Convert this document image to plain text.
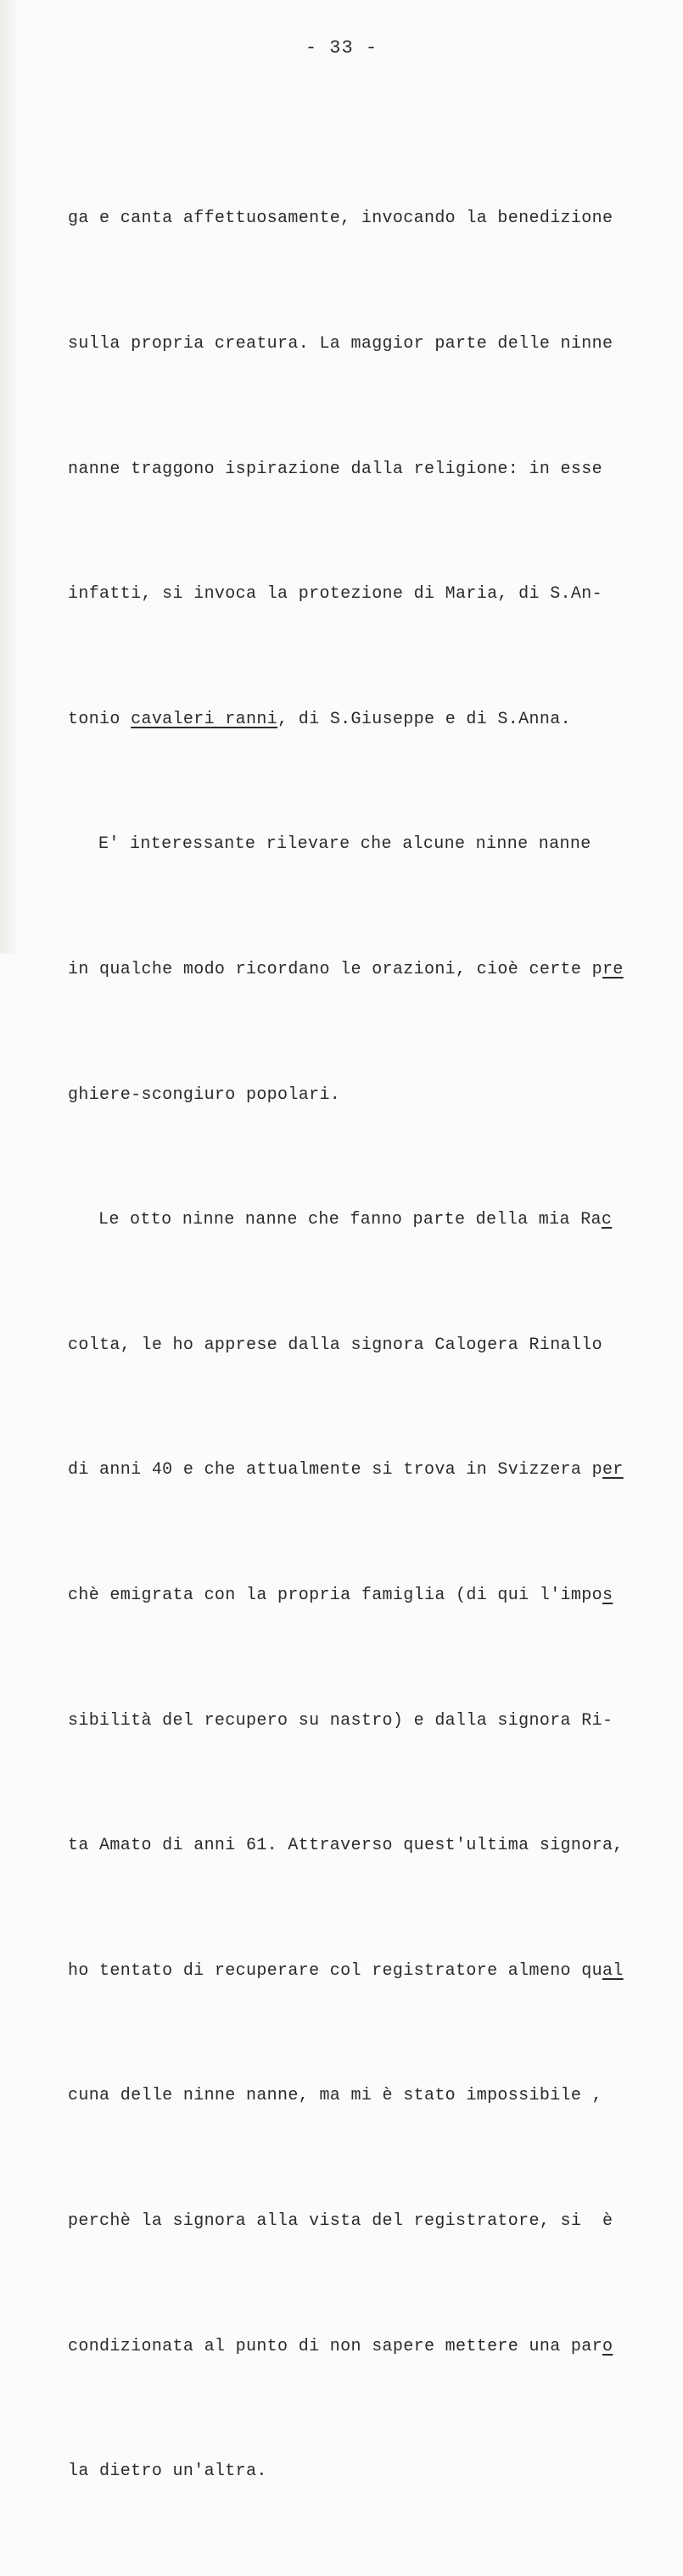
- 33 -

ga e canta affettuosamente, invocando la benedizione

sulla propria creatura. La maggior parte delle ninne

nanne traggono ispirazione dalla religione: in esse

infatti, si invoca la protezione di Maria, di S.An-

tonio cavaleri ranni, di S.Giuseppe e di S.Anna.

E' interessante rilevare che alcune ninne nanne

in qualche modo ricordano le orazioni, cioè certe pre

ghiere-scongiuro popolari.

Le otto ninne nanne che fanno parte della mia Rac

colta, le ho apprese dalla signora Calogera Rinallo

di anni 40 e che attualmente si trova in Svizzera per

chè emigrata con la propria famiglia (di qui l'impos

sibilità del recupero su nastro) e dalla signora Ri-

ta Amato di anni 61. Attraverso quest'ultima signora,

ho tentato di recuperare col registratore almeno qual

cuna delle ninne nanne, ma mi è stato impossibile ,

perchè la signora alla vista del registratore, si  è

condizionata al punto di non sapere mettere una paro

la dietro un'altra.
